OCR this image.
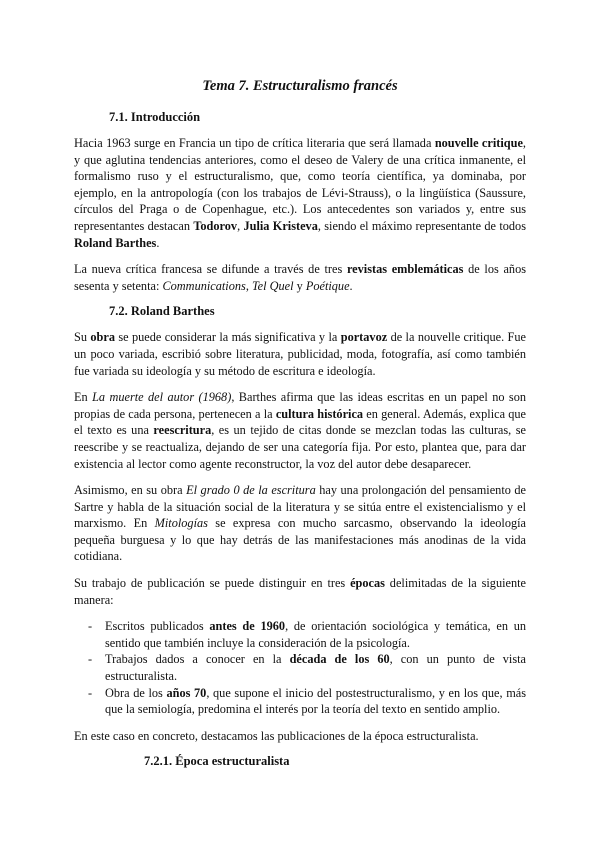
Tema 7. Estructuralismo francés
7.1. Introducción

Hacia 1963 surge en Francia un tipo de crítica literaria que será llamada nouvelle critique, y que aglutina tendencias anteriores, como el deseo de Valery de una crítica inmanente, el formalismo ruso y el estructuralismo, que, como teoría científica, ya dominaba, por ejemplo, en la antropología (con los trabajos de Lévi-Strauss), o la lingüística (Saussure, círculos del Praga o de Copenhague, etc.). Los antecedentes son variados y, entre sus representantes destacan Todorov, Julia Kristeva, siendo el máximo representante de todos Roland Barthes.

La nueva crítica francesa se difunde a través de tres revistas emblemáticas de los años sesenta y setenta: Communications, Tel Quel y Poétique.

7.2. Roland Barthes

Su obra se puede considerar la más significativa y la portavoz de la nouvelle critique. Fue un poco variada, escribió sobre literatura, publicidad, moda, fotografía, así como también fue variada su ideología y su método de escritura e ideología.

En La muerte del autor (1968), Barthes afirma que las ideas escritas en un papel no son propias de cada persona, pertenecen a la cultura histórica en general. Además, explica que el texto es una reescritura, es un tejido de citas donde se mezclan todas las culturas, se reescribe y se reactualiza, dejando de ser una categoría fija. Por esto, plantea que, para dar existencia al lector como agente reconstructor, la voz del autor debe desaparecer.

Asimismo, en su obra El grado 0 de la escritura hay una prolongación del pensamiento de Sartre y habla de la situación social de la literatura y se sitúa entre el existencialismo y el marxismo. En Mitologías se expresa con mucho sarcasmo, observando la ideología pequeña burguesa y lo que hay detrás de las manifestaciones más anodinas de la vida cotidiana.

Su trabajo de publicación se puede distinguir en tres épocas delimitadas de la siguiente manera:

- Escritos publicados antes de 1960, de orientación sociológica y temática, en un sentido que también incluye la consideración de la psicología.
- Trabajos dados a conocer en la década de los 60, con un punto de vista estructuralista.
- Obra de los años 70, que supone el inicio del postestructuralismo, y en los que, más que la semiología, predomina el interés por la teoría del texto en sentido amplio.

En este caso en concreto, destacamos las publicaciones de la época estructuralista.

7.2.1. Época estructuralista
